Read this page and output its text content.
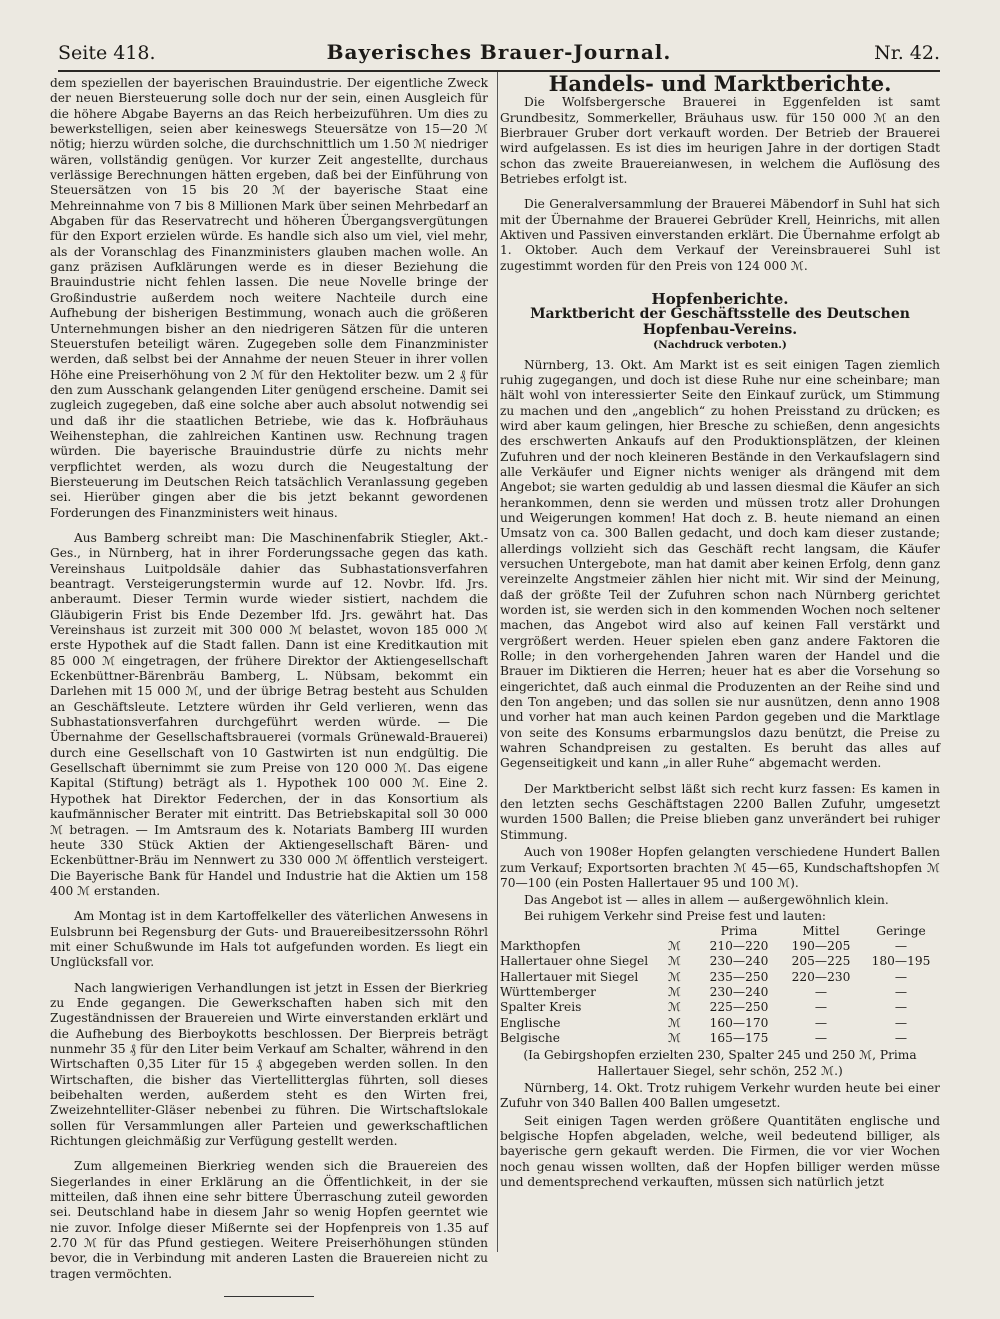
Seite 418.	Bayerisches Brauer-Journal.	Nr. 42.

dem speziellen der bayerischen Brauindustrie. Der eigentliche Zweck der neuen Biersteuerung solle doch nur der sein, einen Ausgleich für die höhere Abgabe Bayerns an das Reich herbeizuführen. Um dies zu bewerkstelligen, seien aber keineswegs Steuersätze von 15—20 ℳ nötig; hierzu würden solche, die durchschnittlich um 1.50 ℳ niedriger wären, vollständig genügen. Vor kurzer Zeit angestellte, durchaus verlässige Berechnungen hätten ergeben, daß bei der Einführung von Steuersätzen von 15 bis 20 ℳ der bayerische Staat eine Mehreinnahme von 7 bis 8 Millionen Mark über seinen Mehrbedarf an Abgaben für das Reservatrecht und höheren Übergangsvergütungen für den Export erzielen würde. Es handle sich also um viel, viel mehr, als der Voranschlag des Finanzministers glauben machen wolle. An ganz präzisen Aufklärungen werde es in dieser Beziehung die Brauindustrie nicht fehlen lassen. Die neue Novelle bringe der Großindustrie außerdem noch weitere Nachteile durch eine Aufhebung der bisherigen Bestimmung, wonach auch die größeren Unternehmungen bisher an den niedrigeren Sätzen für die unteren Steuerstufen beteiligt wären. Zugegeben solle dem Finanzminister werden, daß selbst bei der Annahme der neuen Steuer in ihrer vollen Höhe eine Preiserhöhung von 2 ℳ für den Hektoliter bezw. um 2 ₰ für den zum Ausschank gelangenden Liter genügend erscheine. Damit sei zugleich zugegeben, daß eine solche aber auch absolut notwendig sei und daß ihr die staatlichen Betriebe, wie das k. Hofbräuhaus Weihenstephan, die zahlreichen Kantinen usw. Rechnung tragen würden. Die bayerische Brauindustrie dürfe zu nichts mehr verpflichtet werden, als wozu durch die Neugestaltung der Biersteuerung im Deutschen Reich tatsächlich Veranlassung gegeben sei. Hierüber gingen aber die bis jetzt bekannt gewordenen Forderungen des Finanzministers weit hinaus.

Aus Bamberg schreibt man: Die Maschinenfabrik Stiegler, Akt.-Ges., in Nürnberg, hat in ihrer Forderungssache gegen das kath. Vereinshaus Luitpoldsäle dahier das Subhastationsverfahren beantragt. Versteigerungstermin wurde auf 12. Novbr. lfd. Jrs. anberaumt. Dieser Termin wurde wieder sistiert, nachdem die Gläubigerin Frist bis Ende Dezember lfd. Jrs. gewährt hat. Das Vereinshaus ist zurzeit mit 300 000 ℳ belastet, wovon 185 000 ℳ erste Hypothek auf die Stadt fallen. Dann ist eine Kreditkaution mit 85 000 ℳ eingetragen, der frühere Direktor der Aktiengesellschaft Eckenbüttner-Bärenbräu Bamberg, L. Nübsam, bekommt ein Darlehen mit 15 000 ℳ, und der übrige Betrag besteht aus Schulden an Geschäftsleute. Letztere würden ihr Geld verlieren, wenn das Subhastationsverfahren durchgeführt werden würde. — Die Übernahme der Gesellschaftsbrauerei (vormals Grünewald-Brauerei) durch eine Gesellschaft von 10 Gastwirten ist nun endgültig. Die Gesellschaft übernimmt sie zum Preise von 120 000 ℳ. Das eigene Kapital (Stiftung) beträgt als 1. Hypothek 100 000 ℳ. Eine 2. Hypothek hat Direktor Federchen, der in das Konsortium als kaufmännischer Berater mit eintritt. Das Betriebskapital soll 30 000 ℳ betragen. — Im Amtsraum des k. Notariats Bamberg III wurden heute 330 Stück Aktien der Aktiengesellschaft Bären- und Eckenbüttner-Bräu im Nennwert zu 330 000 ℳ öffentlich versteigert. Die Bayerische Bank für Handel und Industrie hat die Aktien um 158 400 ℳ erstanden.

Am Montag ist in dem Kartoffelkeller des väterlichen Anwesens in Eulsbrunn bei Regensburg der Guts- und Brauereibesitzerssohn Röhrl mit einer Schußwunde im Hals tot aufgefunden worden. Es liegt ein Unglücksfall vor.

Nach langwierigen Verhandlungen ist jetzt in Essen der Bierkrieg zu Ende gegangen. Die Gewerkschaften haben sich mit den Zugeständnissen der Brauereien und Wirte einverstanden erklärt und die Aufhebung des Bierboykotts beschlossen. Der Bierpreis beträgt nunmehr 35 ₰ für den Liter beim Verkauf am Schalter, während in den Wirtschaften 0,35 Liter für 15 ₰ abgegeben werden sollen. In den Wirtschaften, die bisher das Viertellitterglas führten, soll dieses beibehalten werden, außerdem steht es den Wirten frei, Zweizehntelliter-Gläser nebenbei zu führen. Die Wirtschaftslokale sollen für Versammlungen aller Parteien und gewerkschaftlichen Richtungen gleichmäßig zur Verfügung gestellt werden.

Zum allgemeinen Bierkrieg wenden sich die Brauereien des Siegerlandes in einer Erklärung an die Öffentlichkeit, in der sie mitteilen, daß ihnen eine sehr bittere Überraschung zuteil geworden sei. Deutschland habe in diesem Jahr so wenig Hopfen geerntet wie nie zuvor. Infolge dieser Mißernte sei der Hopfenpreis von 1.35 auf 2.70 ℳ für das Pfund gestiegen. Weitere Preiserhöhungen stünden bevor, die in Verbindung mit anderen Lasten die Brauereien nicht zu tragen vermöchten.

Handels- und Marktberichte.

Die Wolfsbergersche Brauerei in Eggenfelden ist samt Grundbesitz, Sommerkeller, Bräuhaus usw. für 150 000 ℳ an den Bierbrauer Gruber dort verkauft worden. Der Betrieb der Brauerei wird aufgelassen. Es ist dies im heurigen Jahre in der dortigen Stadt schon das zweite Brauereianwesen, in welchem die Auflösung des Betriebes erfolgt ist.

Die Generalversammlung der Brauerei Mäbendorf in Suhl hat sich mit der Übernahme der Brauerei Gebrüder Krell, Heinrichs, mit allen Aktiven und Passiven einverstanden erklärt. Die Übernahme erfolgt ab 1. Oktober. Auch dem Verkauf der Vereinsbrauerei Suhl ist zugestimmt worden für den Preis von 124 000 ℳ.

Hopfenberichte.
Marktbericht der Geschäftsstelle des Deutschen Hopfenbau-Vereins.
(Nachdruck verboten.)

Nürnberg, 13. Okt. Am Markt ist es seit einigen Tagen ziemlich ruhig zugegangen, und doch ist diese Ruhe nur eine scheinbare; man hält wohl von interessierter Seite den Einkauf zurück, um Stimmung zu machen und den „angeblich“ zu hohen Preisstand zu drücken; es wird aber kaum gelingen, hier Bresche zu schießen, denn angesichts des erschwerten Ankaufs auf den Produktionsplätzen, der kleinen Zufuhren und der noch kleineren Bestände in den Verkaufslagern sind alle Verkäufer und Eigner nichts weniger als drängend mit dem Angebot; sie warten geduldig ab und lassen diesmal die Käufer an sich herankommen, denn sie werden und müssen trotz aller Drohungen und Weigerungen kommen! Hat doch z. B. heute niemand an einen Umsatz von ca. 300 Ballen gedacht, und doch kam dieser zustande; allerdings vollzieht sich das Geschäft recht langsam, die Käufer versuchen Untergebote, man hat damit aber keinen Erfolg, denn ganz vereinzelte Angstmeier zählen hier nicht mit. Wir sind der Meinung, daß der größte Teil der Zufuhren schon nach Nürnberg gerichtet worden ist, sie werden sich in den kommenden Wochen noch seltener machen, das Angebot wird also auf keinen Fall verstärkt und vergrößert werden. Heuer spielen eben ganz andere Faktoren die Rolle; in den vorhergehenden Jahren waren der Handel und die Brauer im Diktieren die Herren; heuer hat es aber die Vorsehung so eingerichtet, daß auch einmal die Produzenten an der Reihe sind und den Ton angeben; und das sollen sie nur ausnützen, denn anno 1908 und vorher hat man auch keinen Pardon gegeben und die Marktlage von seite des Konsums erbarmungslos dazu benützt, die Preise zu wahren Schandpreisen zu gestalten. Es beruht das alles auf Gegenseitigkeit und kann „in aller Ruhe“ abgemacht werden.

Der Marktbericht selbst läßt sich recht kurz fassen: Es kamen in den letzten sechs Geschäftstagen 2200 Ballen Zufuhr, umgesetzt wurden 1500 Ballen; die Preise blieben ganz unverändert bei ruhiger Stimmung.

Auch von 1908er Hopfen gelangten verschiedene Hundert Ballen zum Verkauf; Exportsorten brachten ℳ 45—65, Kundschaftshopfen ℳ 70—100 (ein Posten Hallertauer 95 und 100 ℳ).

Das Angebot ist — alles in allem — außergewöhnlich klein.

Bei ruhigem Verkehr sind Preise fest und lauten:

		Prima	Mittel	Geringe
Markthopfen	ℳ	210—220	190—205	—
Hallertauer ohne Siegel	ℳ	230—240	205—225	180—195
Hallertauer mit Siegel	ℳ	235—250	220—230	—
Württemberger	ℳ	230—240	—	—
Spalter Kreis	ℳ	225—250	—	—
Englische	ℳ	160—170	—	—
Belgische	ℳ	165—175	—	—

(Ia Gebirgshopfen erzielten 230, Spalter 245 und 250 ℳ, Prima Hallertauer Siegel, sehr schön, 252 ℳ.)

Nürnberg, 14. Okt. Trotz ruhigem Verkehr wurden heute bei einer Zufuhr von 340 Ballen 400 Ballen umgesetzt.

Seit einigen Tagen werden größere Quantitäten englische und belgische Hopfen abgeladen, welche, weil bedeutend billiger, als bayerische gern gekauft werden. Die Firmen, die vor vier Wochen noch genau wissen wollten, daß der Hopfen billiger werden müsse und dementsprechend verkauften, müssen sich natürlich jetzt
